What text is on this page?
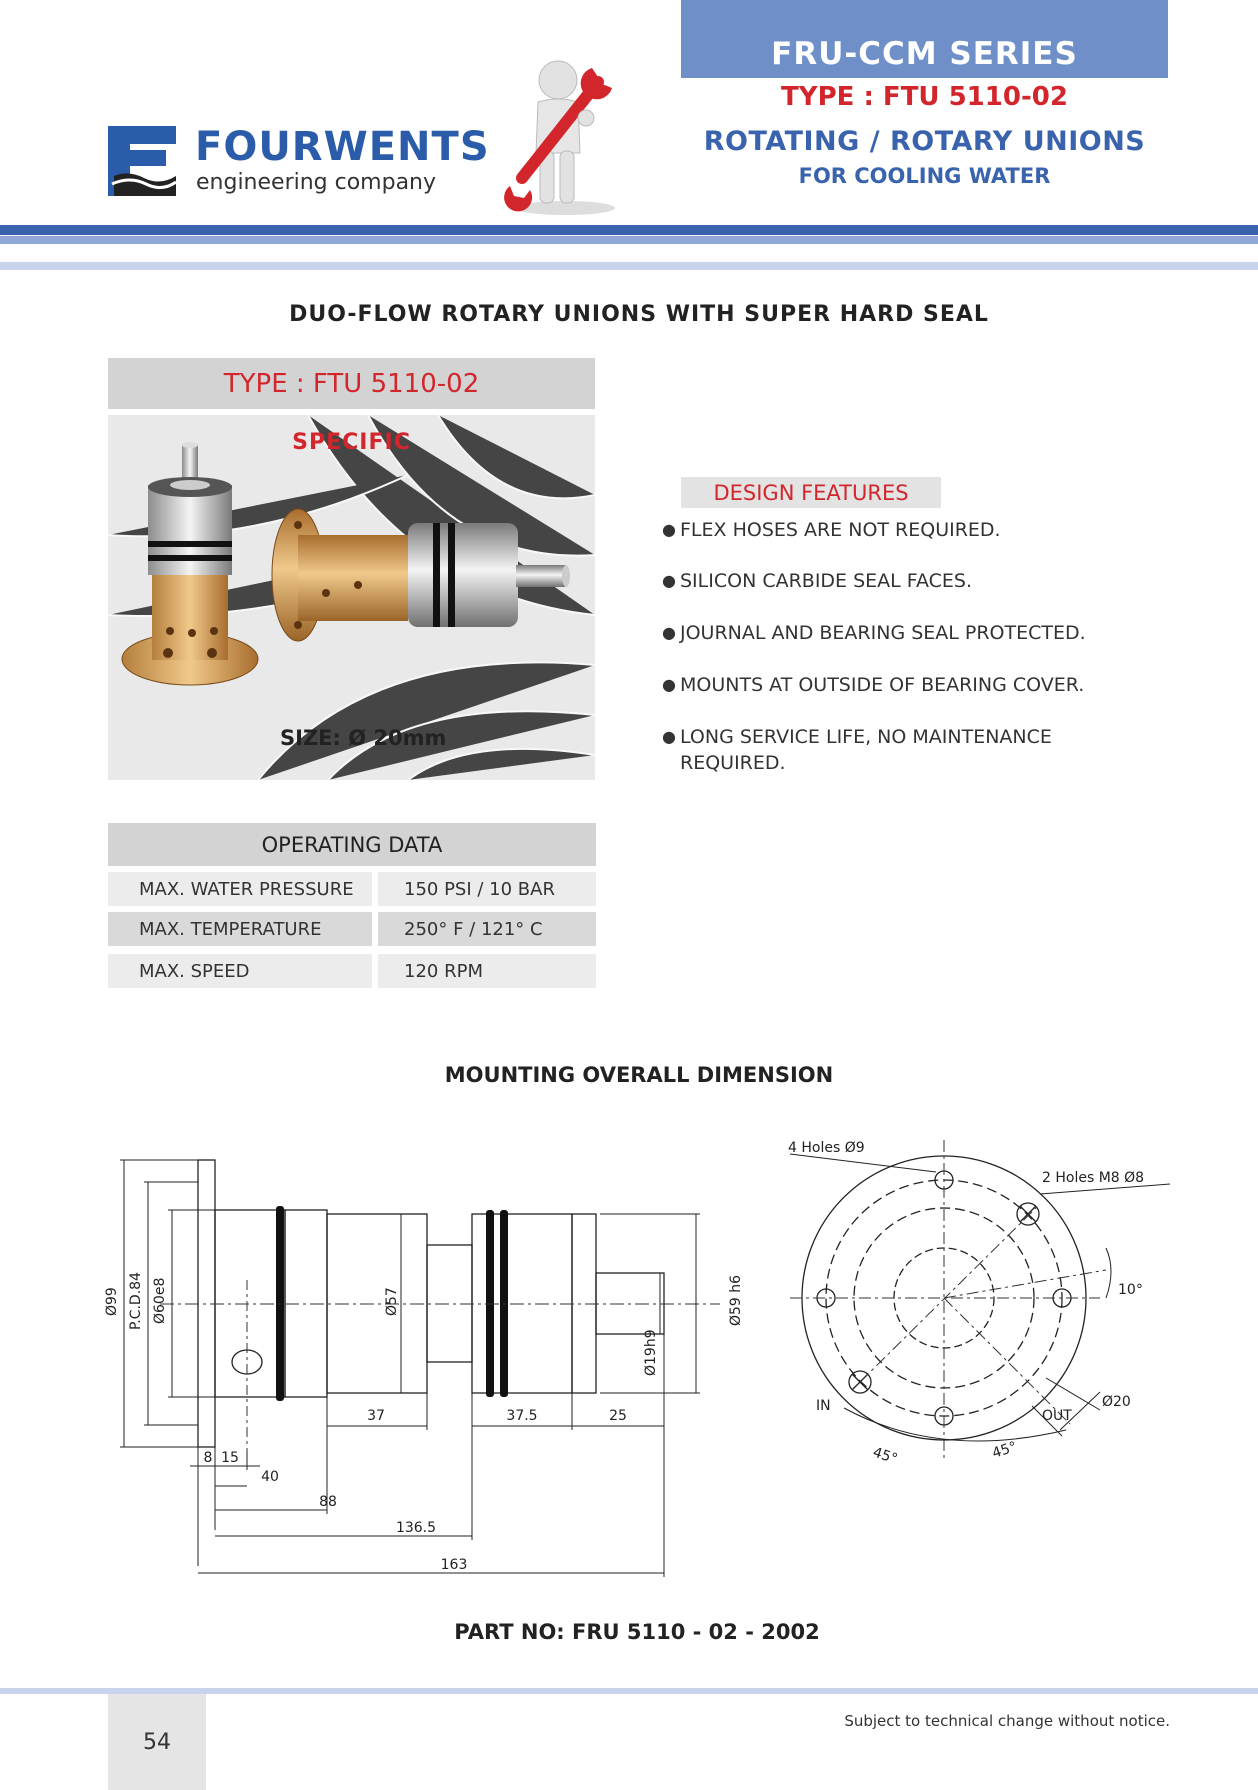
FRU-CCM SERIES
TYPE : FTU 5110-02
ROTATING / ROTARY UNIONS
FOR COOLING WATER
FOURWENTS
engineering company
DUO-FLOW ROTARY UNIONS WITH SUPER HARD SEAL
TYPE : FTU 5110-02
SPECIFIC
SIZE: Ø 20mm
DESIGN FEATURES
● FLEX HOSES ARE NOT REQUIRED.
● SILICON CARBIDE SEAL FACES.
● JOURNAL AND BEARING SEAL PROTECTED.
● MOUNTS AT OUTSIDE OF BEARING COVER.
● LONG SERVICE LIFE, NO MAINTENANCE REQUIRED.
OPERATING DATA
MAX. WATER PRESSURE	150 PSI / 10 BAR
MAX. TEMPERATURE	250° F / 121° C
MAX. SPEED	120 RPM
MOUNTING OVERALL DIMENSION
Ø99 P.C.D.84 Ø60e8	Ø57
Ø19h9
Ø59 h6
37	37.5	25
8 15
40
88
136.5
163
4 Holes Ø9
2 Holes M8 Ø8
10°
IN
OUT
Ø20
45°	45°
PART NO: FRU 5110 - 02 - 2002
54
Subject to technical change without notice.
